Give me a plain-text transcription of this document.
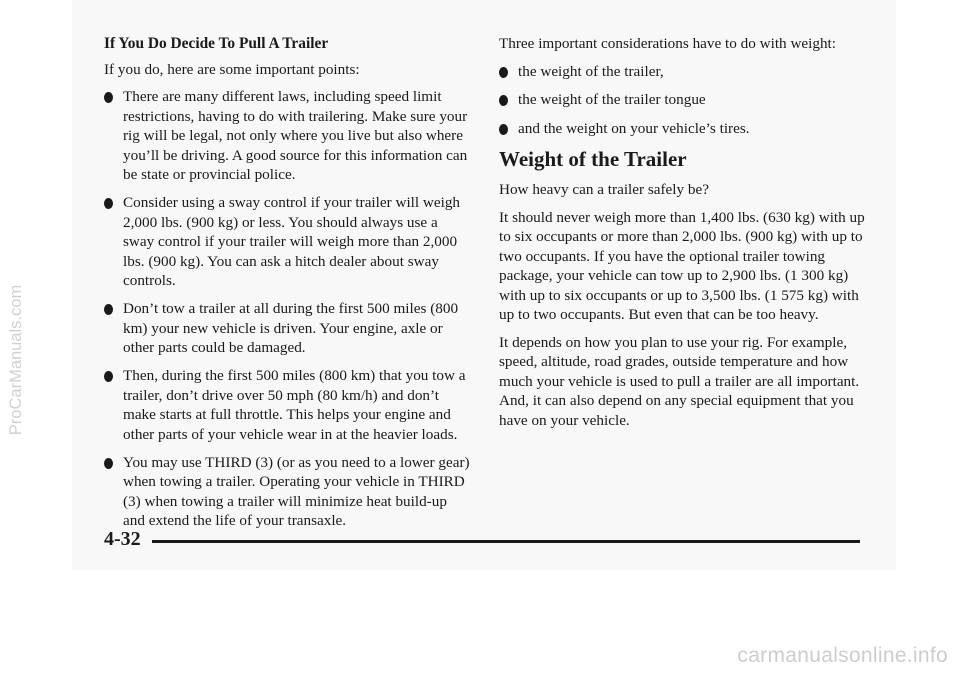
If You Do Decide To Pull A Trailer

If you do, here are some important points:

There are many different laws, including speed limit restrictions, having to do with trailering. Make sure your rig will be legal, not only where you live but also where you’ll be driving. A good source for this information can be state or provincial police.
Consider using a sway control if your trailer will weigh 2,000 lbs. (900 kg) or less. You should always use a sway control if your trailer will weigh more than 2,000 lbs. (900 kg). You can ask a hitch dealer about sway controls.
Don’t tow a trailer at all during the first 500 miles (800 km) your new vehicle is driven. Your engine, axle or other parts could be damaged.
Then, during the first 500 miles (800 km) that you tow a trailer, don’t drive over 50 mph (80 km/h) and don’t make starts at full throttle. This helps your engine and other parts of your vehicle wear in at the heavier loads.
You may use THIRD (3) (or as you need to a lower gear) when towing a trailer. Operating your vehicle in THIRD (3) when towing a trailer will minimize heat build-up and extend the life of your transaxle.

Three important considerations have to do with weight:

the weight of the trailer,
the weight of the trailer tongue
and the weight on your vehicle’s tires.
Weight of the Trailer

How heavy can a trailer safely be?

It should never weigh more than 1,400 lbs. (630 kg) with up to six occupants or more than 2,000 lbs. (900 kg) with up to two occupants. If you have the optional trailer towing package, your vehicle can tow up to 2,900 lbs. (1 300 kg) with up to six occupants or up to 3,500 lbs. (1 575 kg) with up to two occupants. But even that can be too heavy.

It depends on how you plan to use your rig. For example, speed, altitude, road grades, outside temperature and how much your vehicle is used to pull a trailer are all important. And, it can also depend on any special equipment that you have on your vehicle.

4-32
ProCarManuals.com
carmanualsonline.info
